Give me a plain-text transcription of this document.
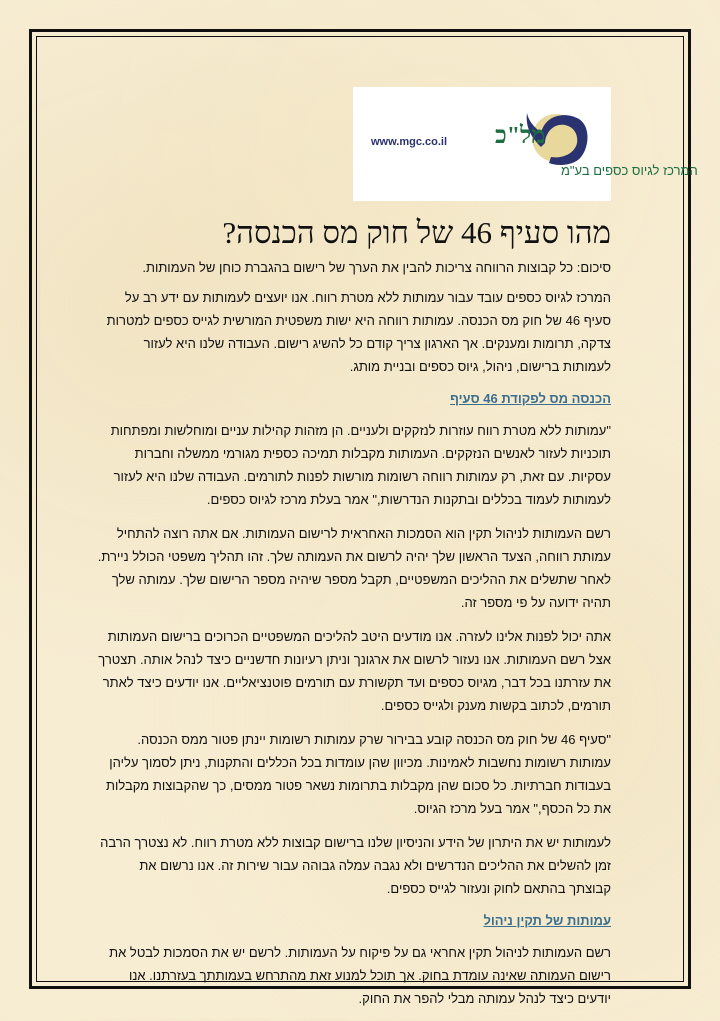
מל"כ
www.mgc.co.il
המרכז לגיוס כספים בע"מ
מהו סעיף 46 של חוק מס הכנסה?

סיכום: כל קבוצות הרווחה צריכות להבין את הערך של רישום בהגברת כוחן של העמותות.

המרכז לגיוס כספים עובד עבור עמותות ללא מטרת רווח. אנו יועצים לעמותות עם ידע רב על סעיף 46 של חוק מס הכנסה. עמותות רווחה היא ישות משפטית המורשית לגייס כספים למטרות צדקה, תרומות ומענקים. אך הארגון צריך קודם כל להשיג רישום. העבודה שלנו היא לעזור לעמותות ברישום, ניהול, גיוס כספים ובניית מותג.

הכנסה מס לפקודת 46 סעיף

"עמותות ללא מטרת רווח עוזרות לנזקקים ולעניים. הן מזהות קהילות עניים ומוחלשות ומפתחות תוכניות לעזור לאנשים הנזקקים. העמותות מקבלות תמיכה כספית מגורמי ממשלה וחברות עסקיות. עם זאת, רק עמותות רווחה רשומות מורשות לפנות לתורמים. העבודה שלנו היא לעזור לעמותות לעמוד בכללים ובתקנות הנדרשות," אמר בעלת מרכז לגיוס כספים.

רשם העמותות לניהול תקין הוא הסמכות האחראית לרישום העמותות. אם אתה רוצה להתחיל עמותת רווחה, הצעד הראשון שלך יהיה לרשום את העמותה שלך. זהו תהליך משפטי הכולל ניירת. לאחר שתשלים את ההליכים המשפטיים, תקבל מספר שיהיה מספר הרישום שלך. עמותה שלך תהיה ידועה על פי מספר זה.

אתה יכול לפנות אלינו לעזרה. אנו מודעים היטב להליכים המשפטיים הכרוכים ברישום העמותות אצל רשם העמותות. אנו נעזור לרשום את ארגונך וניתן רעיונות חדשניים כיצד לנהל אותה. תצטרך את עזרתנו בכל דבר, מגיוס כספים ועד תקשורת עם תורמים פוטנציאליים. אנו יודעים כיצד לאתר תורמים, לכתוב בקשות מענק ולגייס כספים.

"סעיף 46 של חוק מס הכנסה קובע בבירור שרק עמותות רשומות יינתן פטור ממס הכנסה. עמותות רשומות נחשבות לאמינות. מכיוון שהן עומדות בכל הכללים והתקנות, ניתן לסמוך עליהן בעבודות חברתיות. כל סכום שהן מקבלות בתרומות נשאר פטור ממסים, כך שהקבוצות מקבלות את כל הכסף," אמר בעל מרכז הגיוס.

לעמותות יש את היתרון של הידע והניסיון שלנו ברישום קבוצות ללא מטרת רווח. לא נצטרך הרבה זמן להשלים את ההליכים הנדרשים ולא נגבה עמלה גבוהה עבור שירות זה. אנו נרשום את קבוצתך בהתאם לחוק ונעזור לגייס כספים.

עמותות של תקין ניהול

רשם העמותות לניהול תקין אחראי גם על פיקוח על העמותות. לרשם יש את הסמכות לבטל את רישום העמותה שאינה עומדת בחוק. אך תוכל למנוע זאת מהתרחש בעמותתך בעזרתנו. אנו יודעים כיצד לנהל עמותה מבלי להפר את החוק.
